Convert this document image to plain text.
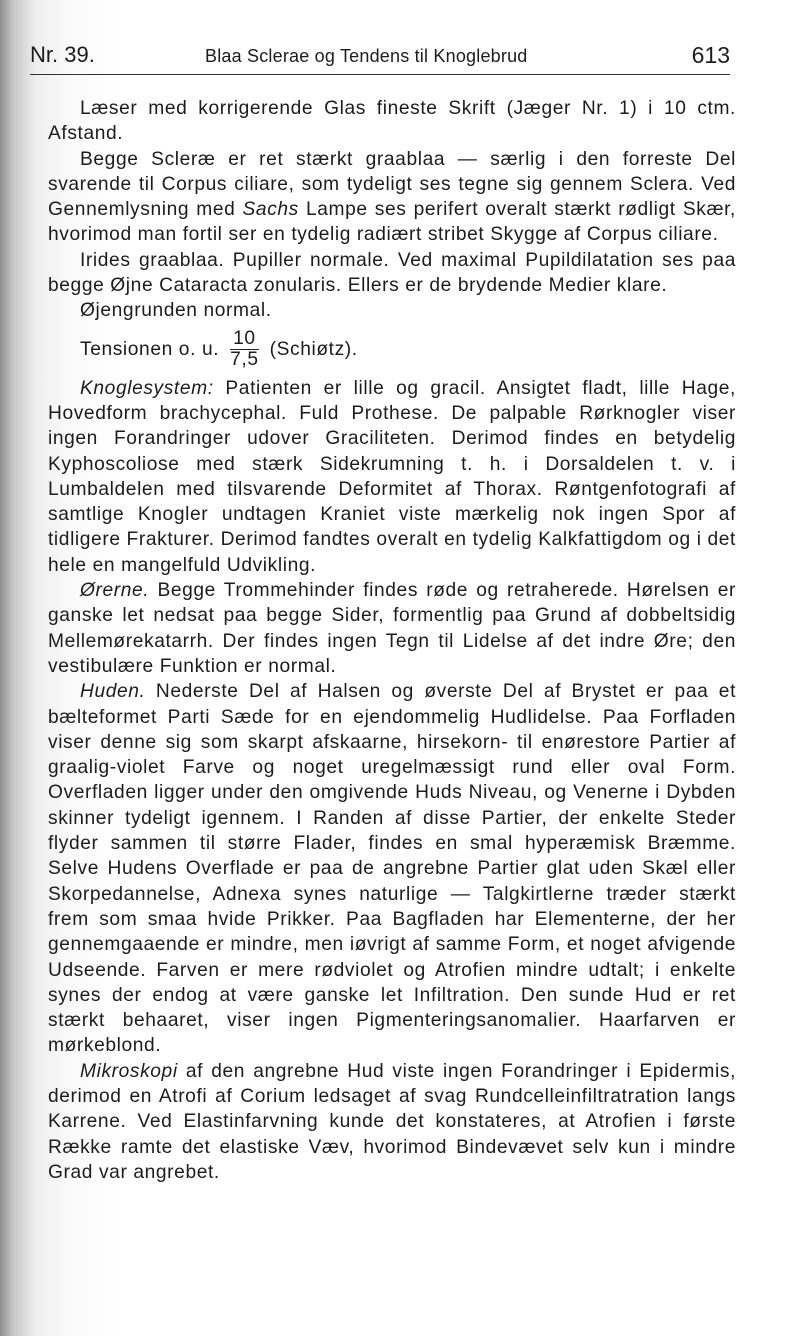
Nr. 39.	Blaa Sclerae og Tendens til Knoglebrud	613

Læser med korrigerende Glas fineste Skrift (Jæger Nr. 1) i 10 ctm. Afstand.

Begge Scleræ er ret stærkt graablaa — særlig i den forreste Del svarende til Corpus ciliare, som tydeligt ses tegne sig gennem Sclera. Ved Gennemlysning med Sachs Lampe ses perifert overalt stærkt rødligt Skær, hvorimod man fortil ser en tydelig radiært stribet Skygge af Corpus ciliare.

Irides graablaa. Pupiller normale. Ved maximal Pupildilatation ses paa begge Øjne Cataracta zonularis. Ellers er de brydende Medier klare.

Øjengrunden normal.

Tensionen o. u. $\frac{10}{7,5}$ (Schiøtz).

Knoglesystem: Patienten er lille og gracil. Ansigtet fladt, lille Hage, Hovedform brachycephal. Fuld Prothese. De palpable Rørknogler viser ingen Forandringer udover Graciliteten. Derimod findes en betydelig Kyphoscoliose med stærk Sidekrumning t. h. i Dorsaldelen t. v. i Lumbaldelen med tilsvarende Deformitet af Thorax. Røntgenfotografi af samtlige Knogler undtagen Kraniet viste mærkelig nok ingen Spor af tidligere Frakturer. Derimod fandtes overalt en tydelig Kalkfattigdom og i det hele en mangelfuld Udvikling.

Ørerne. Begge Trommehinder findes røde og retraherede. Hørelsen er ganske let nedsat paa begge Sider, formentlig paa Grund af dobbeltsidig Mellemørekatarrh. Der findes ingen Tegn til Lidelse af det indre Øre; den vestibulære Funktion er normal.

Huden. Nederste Del af Halsen og øverste Del af Brystet er paa et bælteformet Parti Sæde for en ejendommelig Hudlidelse. Paa Forfladen viser denne sig som skarpt afskaarne, hirsekorn- til enørestore Partier af graalig-violet Farve og noget uregelmæssigt rund eller oval Form. Overfladen ligger under den omgivende Huds Niveau, og Venerne i Dybden skinner tydeligt igennem. I Randen af disse Partier, der enkelte Steder flyder sammen til større Flader, findes en smal hyperæmisk Bræmme. Selve Hudens Overflade er paa de angrebne Partier glat uden Skæl eller Skorpedannelse, Adnexa synes naturlige — Talgkirtlerne træder stærkt frem som smaa hvide Prikker. Paa Bagfladen har Elementerne, der her gennemgaaende er mindre, men iøvrigt af samme Form, et noget afvigende Udseende. Farven er mere rødviolet og Atrofien mindre udtalt; i enkelte synes der endog at være ganske let Infiltration. Den sunde Hud er ret stærkt behaaret, viser ingen Pigmenteringsanomalier. Haarfarven er mørkeblond.

Mikroskopi af den angrebne Hud viste ingen Forandringer i Epidermis, derimod en Atrofi af Corium ledsaget af svag Rundcelleinfiltratration langs Karrene. Ved Elastinfarvning kunde det konstateres, at Atrofien i første Række ramte det elastiske Væv, hvorimod Bindevævet selv kun i mindre Grad var angrebet.
